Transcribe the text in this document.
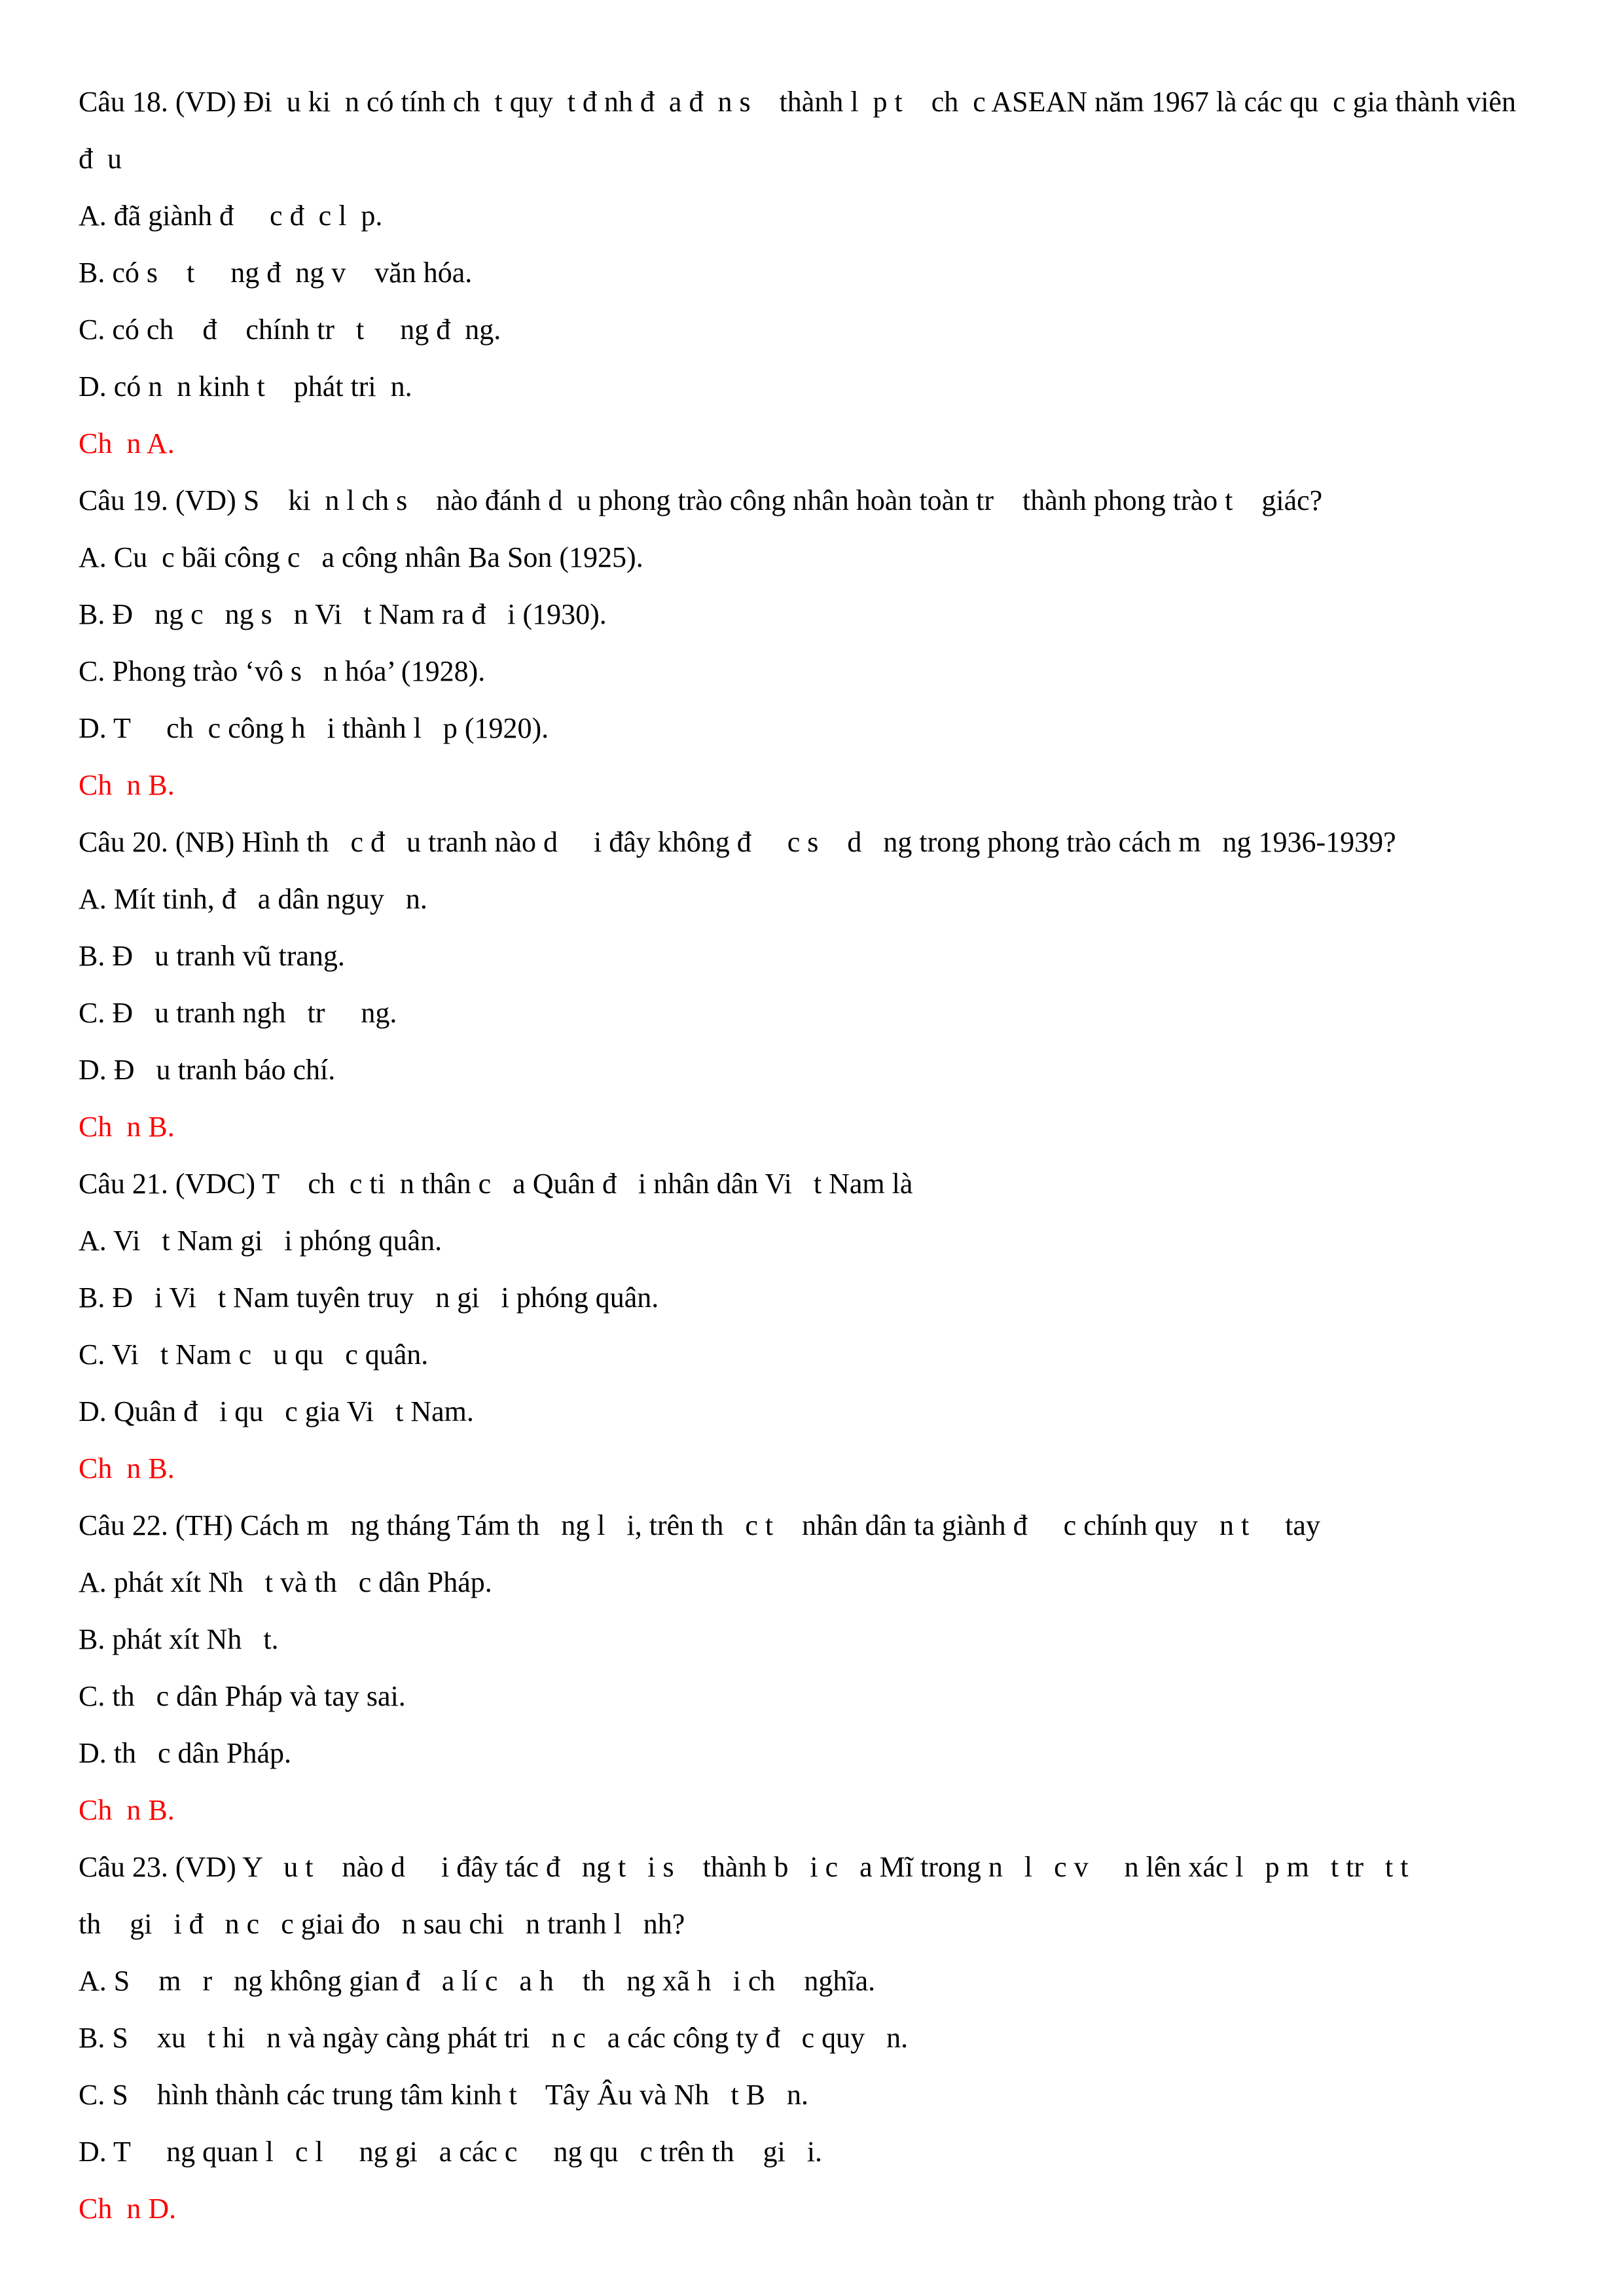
Câu 18. (VD) Đi  u ki  n có tính ch  t quy  t đ nh đ  a đ  n s    thành l  p t    ch  c ASEAN năm 1967 là các qu  c gia thành viên

đ  u

A. đã giành đ     c đ  c l  p.

B. có s    t     ng đ  ng v    văn hóa.

C. có ch    đ    chính tr   t     ng đ  ng.

D. có n  n kinh t    phát tri  n.

Ch  n A.

Câu 19. (VD) S    ki  n l ch s    nào đánh d  u phong trào công nhân hoàn toàn tr    thành phong trào t    giác?

A. Cu  c bãi công c   a công nhân Ba Son (1925).

B. Đ   ng c   ng s   n Vi   t Nam ra đ   i (1930).

C. Phong trào ‘vô s   n hóa’ (1928).

D. T     ch  c công h   i thành l   p (1920).

Ch  n B.

Câu 20. (NB) Hình th   c đ   u tranh nào d     i đây không đ     c s    d   ng trong phong trào cách m   ng 1936-1939?

A. Mít tinh, đ   a dân nguy   n.

B. Đ   u tranh vũ trang.

C. Đ   u tranh ngh   tr     ng.

D. Đ   u tranh báo chí.

Ch  n B.

Câu 21. (VDC) T    ch  c ti  n thân c   a Quân đ   i nhân dân Vi   t Nam là

A. Vi   t Nam gi   i phóng quân.

B. Đ   i Vi   t Nam tuyên truy   n gi   i phóng quân.

C. Vi   t Nam c   u qu   c quân.

D. Quân đ   i qu   c gia Vi   t Nam.

Ch  n B.

Câu 22. (TH) Cách m   ng tháng Tám th   ng l   i, trên th   c t    nhân dân ta giành đ     c chính quy   n t     tay

A. phát xít Nh   t và th   c dân Pháp.

B. phát xít Nh   t.

C. th   c dân Pháp và tay sai.

D. th   c dân Pháp.

Ch  n B.

Câu 23. (VD) Y   u t    nào d     i đây tác đ   ng t   i s    thành b   i c   a Mĩ trong n   l   c v     n lên xác l   p m   t tr   t t

th    gi   i đ   n c   c giai đo   n sau chi   n tranh l   nh?

A. S    m   r   ng không gian đ   a lí c   a h    th   ng xã h   i ch    nghĩa.

B. S    xu   t hi   n và ngày càng phát tri   n c   a các công ty đ   c quy   n.

C. S    hình thành các trung tâm kinh t    Tây Âu và Nh   t B   n.

D. T     ng quan l   c l     ng gi   a các c     ng qu   c trên th    gi   i.

Ch  n D.
